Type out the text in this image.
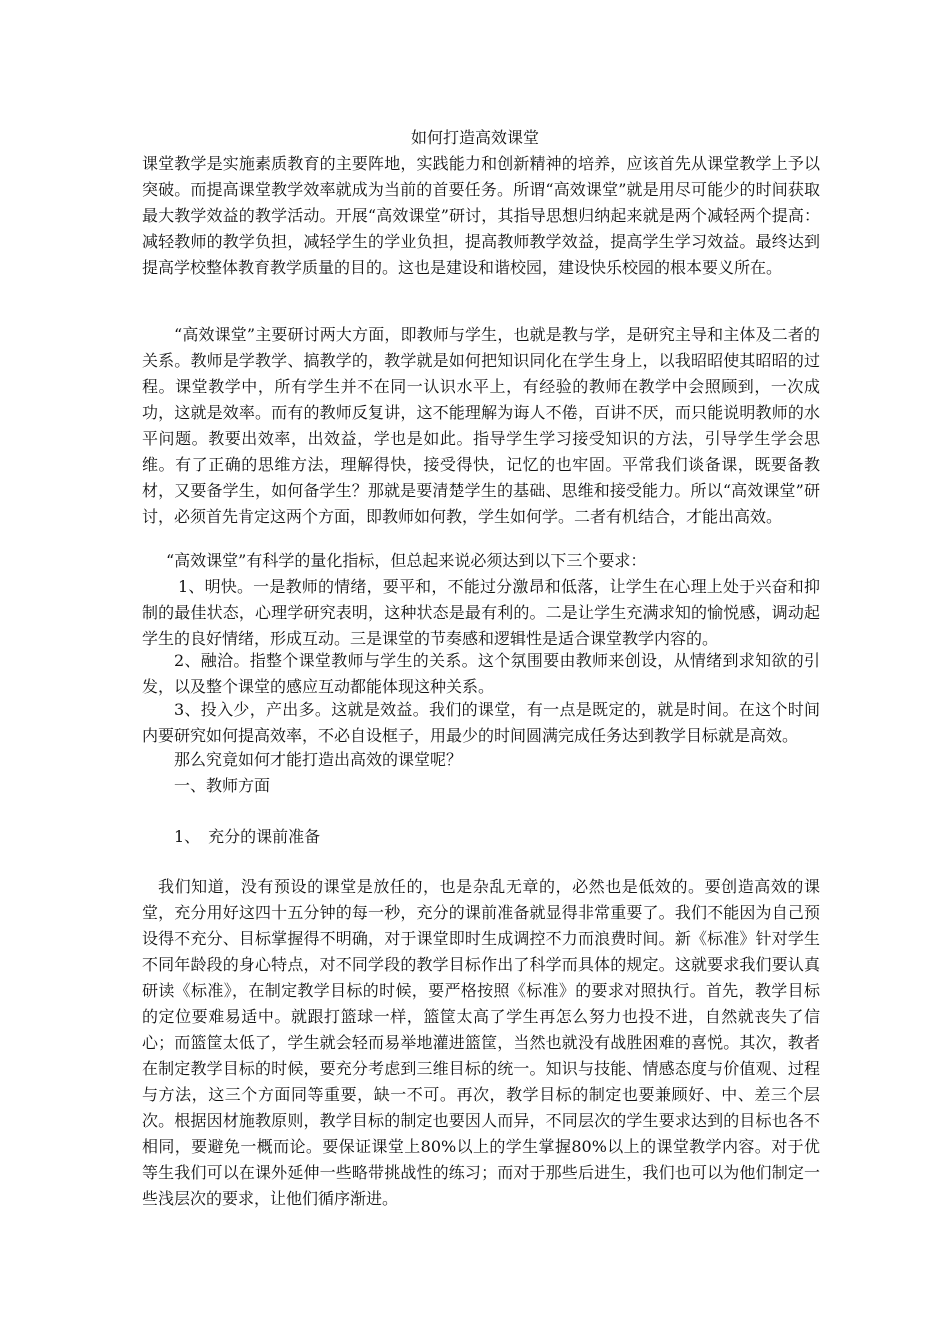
如何打造高效课堂

课堂教学是实施素质教育的主要阵地，实践能力和创新精神的培养，应该首先从课堂教学上予以突破。而提高课堂教学效率就成为当前的首要任务。所谓“高效课堂”就是用尽可能少的时间获取最大教学效益的教学活动。开展“高效课堂”研讨，其指导思想归纳起来就是两个减轻两个提高：减轻教师的教学负担，减轻学生的学业负担，提高教师教学效益，提高学生学习效益。最终达到提高学校整体教育教学质量的目的。这也是建设和谐校园，建设快乐校园的根本要义所在。

“高效课堂”主要研讨两大方面，即教师与学生，也就是教与学，是研究主导和主体及二者的关系。教师是学教学、搞教学的，教学就是如何把知识同化在学生身上，以我昭昭使其昭昭的过程。课堂教学中，所有学生并不在同一认识水平上，有经验的教师在教学中会照顾到，一次成功，这就是效率。而有的教师反复讲，这不能理解为诲人不倦，百讲不厌，而只能说明教师的水平问题。教要出效率，出效益，学也是如此。指导学生学习接受知识的方法，引导学生学会思维。有了正确的思维方法，理解得快，接受得快，记忆的也牢固。平常我们谈备课，既要备教材，又要备学生，如何备学生？那就是要清楚学生的基础、思维和接受能力。所以“高效课堂”研讨，必须首先肯定这两个方面，即教师如何教，学生如何学。二者有机结合，才能出高效。

“高效课堂”有科学的量化指标，但总起来说必须达到以下三个要求：

1、明快。一是教师的情绪，要平和，不能过分激昂和低落，让学生在心理上处于兴奋和抑制的最佳状态，心理学研究表明，这种状态是最有利的。二是让学生充满求知的愉悦感，调动起学生的良好情绪，形成互动。三是课堂的节奏感和逻辑性是适合课堂教学内容的。

2、融洽。指整个课堂教师与学生的关系。这个氛围要由教师来创设，从情绪到求知欲的引发，以及整个课堂的感应互动都能体现这种关系。

3、投入少，产出多。这就是效益。我们的课堂，有一点是既定的，就是时间。在这个时间内要研究如何提高效率，不必自设框子，用最少的时间圆满完成任务达到教学目标就是高效。

那么究竟如何才能打造出高效的课堂呢？

一、教师方面

1、　充分的课前准备

我们知道，没有预设的课堂是放任的，也是杂乱无章的，必然也是低效的。要创造高效的课堂，充分用好这四十五分钟的每一秒，充分的课前准备就显得非常重要了。我们不能因为自己预设得不充分、目标掌握得不明确，对于课堂即时生成调控不力而浪费时间。新《标准》针对学生不同年龄段的身心特点，对不同学段的教学目标作出了科学而具体的规定。这就要求我们要认真研读《标准》，在制定教学目标的时候，要严格按照《标准》的要求对照执行。首先，教学目标的定位要难易适中。就跟打篮球一样，篮筐太高了学生再怎么努力也投不进，自然就丧失了信心；而篮筐太低了，学生就会轻而易举地灌进篮筐，当然也就没有战胜困难的喜悦。其次，教者在制定教学目标的时候，要充分考虑到三维目标的统一。知识与技能、情感态度与价值观、过程与方法，这三个方面同等重要，缺一不可。再次，教学目标的制定也要兼顾好、中、差三个层次。根据因材施教原则，教学目标的制定也要因人而异，不同层次的学生要求达到的目标也各不相同，要避免一概而论。要保证课堂上80%以上的学生掌握80%以上的课堂教学内容。对于优等生我们可以在课外延伸一些略带挑战性的练习；而对于那些后进生，我们也可以为他们制定一些浅层次的要求，让他们循序渐进。
